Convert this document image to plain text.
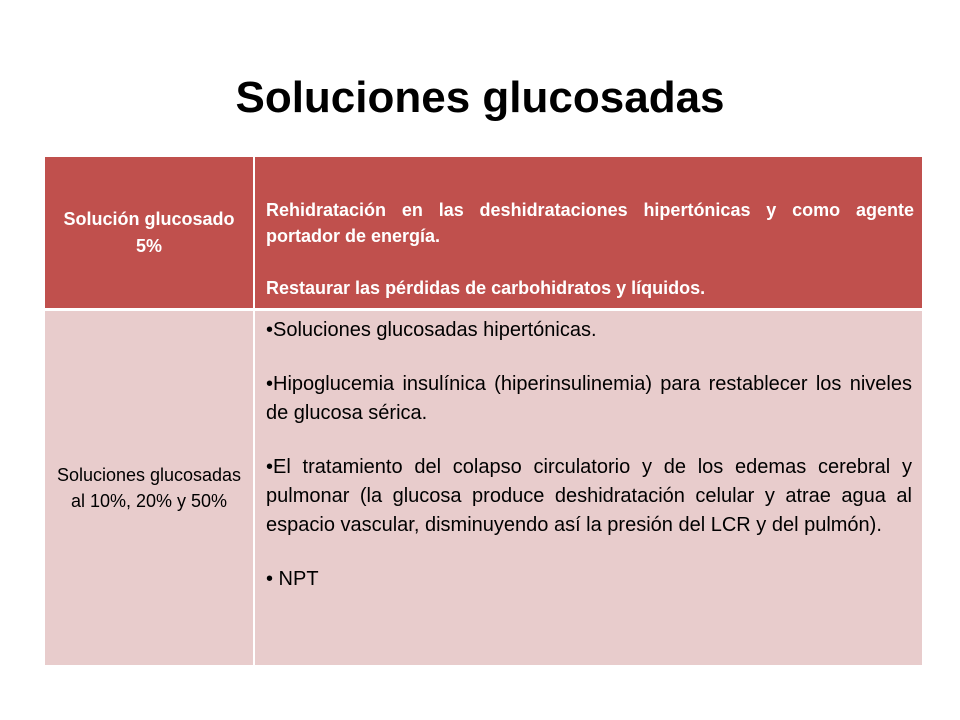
Soluciones glucosadas
Solución glucosado 5%

Rehidratación en las deshidrataciones hipertónicas y como agente portador de energía.

Restaurar las pérdidas de carbohidratos y líquidos.

Soluciones glucosadas al 10%, 20% y 50%

•Soluciones glucosadas hipertónicas.

•Hipoglucemia insulínica (hiperinsulinemia) para restablecer los niveles de glucosa sérica.

•El tratamiento del colapso circulatorio y de los edemas cerebral y pulmonar (la glucosa produce deshidratación celular y atrae agua al espacio vascular, disminuyendo así la presión del LCR y del pulmón).

• NPT
